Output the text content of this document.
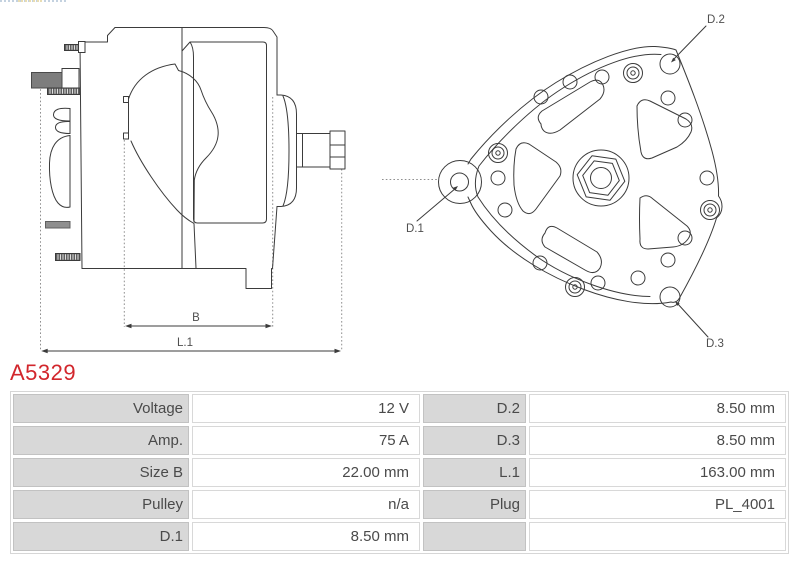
B
L.1
D.2
D.1
D.3
A5329
Voltage	12 V	D.2	8.50 mm
Amp.	75 A	D.3	8.50 mm
Size B	22.00 mm	L.1	163.00 mm
Pulley	n/a	Plug	PL_4001
D.1	8.50 mm
